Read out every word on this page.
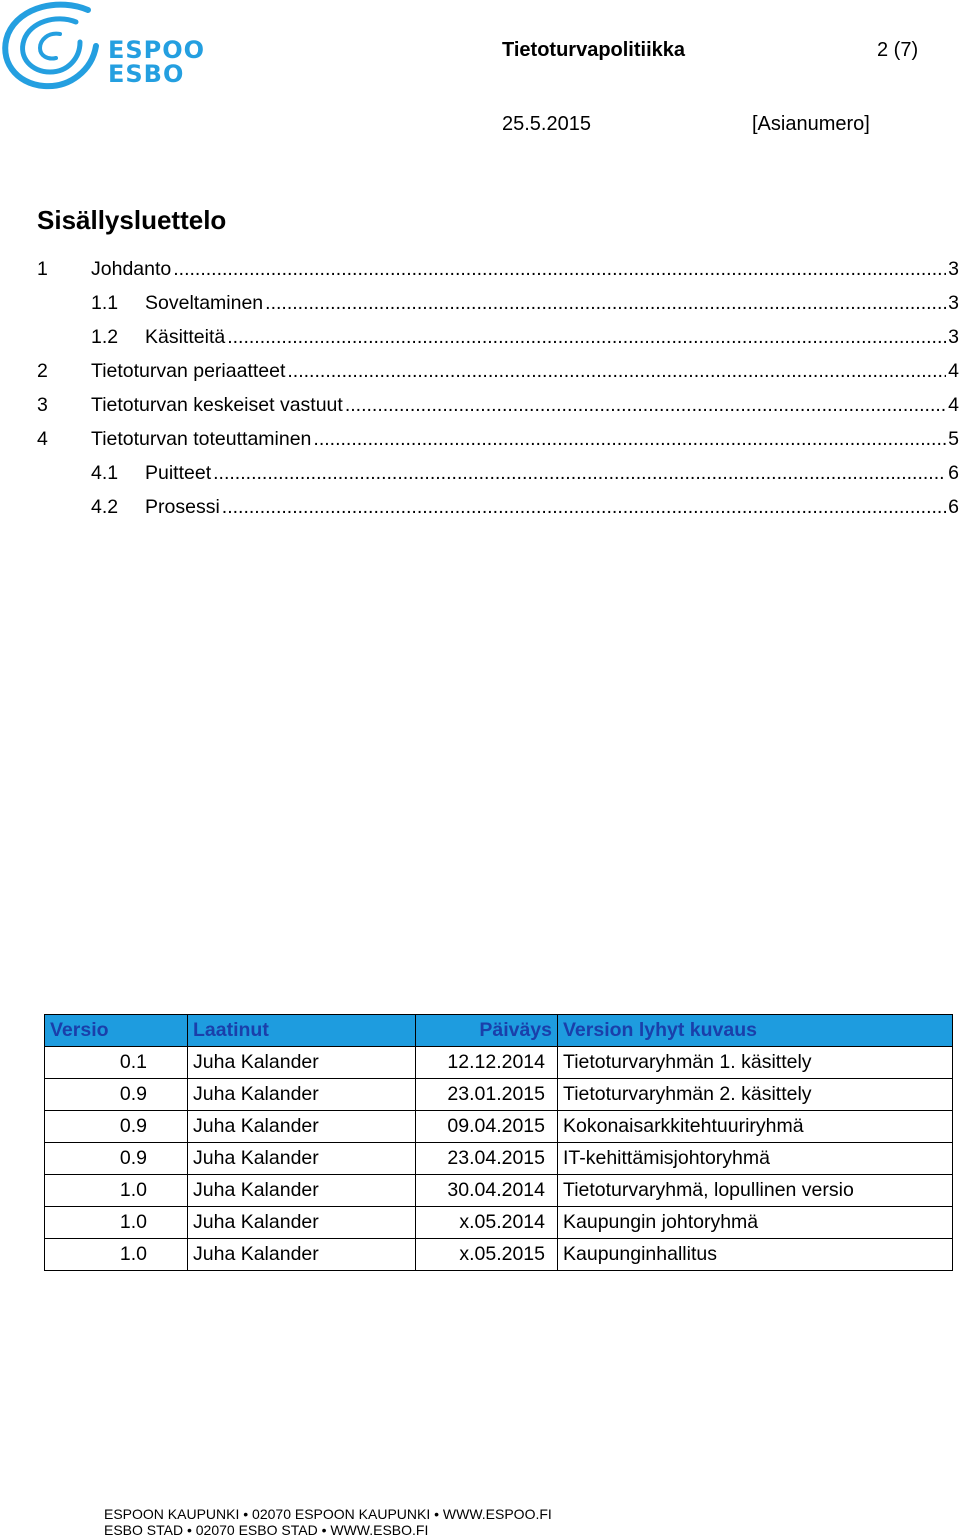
ESPOO
ESBO
Tietoturvapolitiikka	2 (7)
25.5.2015	[Asianumero]
Sisällysluettelo
1 Johdanto .....	3
1.1 Soveltaminen .....	3
1.2 Käsitteitä .....	3
2 Tietoturvan periaatteet .....	4
3 Tietoturvan keskeiset vastuut .....	4
4 Tietoturvan toteuttaminen .....	5
4.1 Puitteet .....	6
4.2 Prosessi .....	6
Versio	Laatinut	Päiväys	Version lyhyt kuvaus
0.1	Juha Kalander	12.12.2014	Tietoturvaryhmän 1. käsittely
0.9	Juha Kalander	23.01.2015	Tietoturvaryhmän 2. käsittely
0.9	Juha Kalander	09.04.2015	Kokonaisarkkitehtuuriryhmä
0.9	Juha Kalander	23.04.2015	IT-kehittämisjohtoryhmä
1.0	Juha Kalander	30.04.2014	Tietoturvaryhmä, lopullinen versio
1.0	Juha Kalander	x.05.2014	Kaupungin johtoryhmä
1.0	Juha Kalander	x.05.2015	Kaupunginhallitus
ESPOON KAUPUNKI • 02070 ESPOON KAUPUNKI • WWW.ESPOO.FI
ESBO STAD • 02070 ESBO STAD • WWW.ESBO.FI
